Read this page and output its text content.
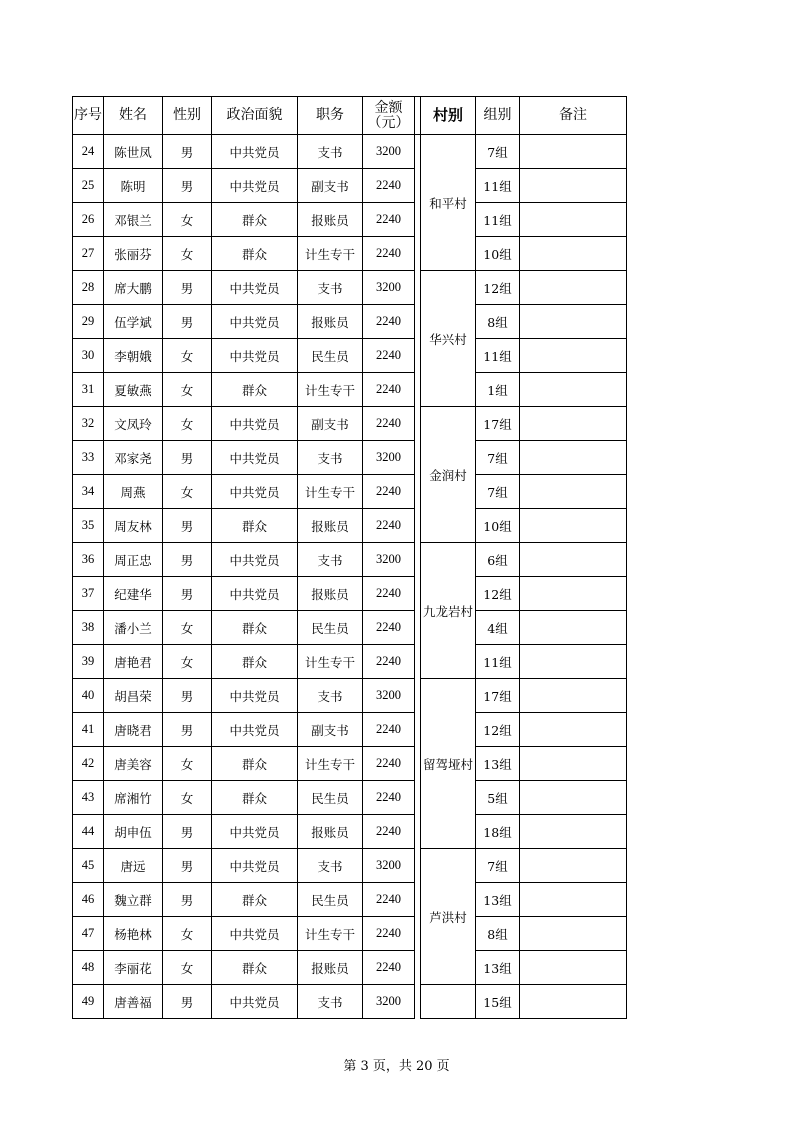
序号	姓名	性别	政治面貌	职务	金额（元）		村别	组别	备注
24	陈世凤	男	中共党员	支书	3200		和平村	7组	
25	陈明	男	中共党员	副支书	2240			11组	
26	邓银兰	女	群众	报账员	2240			11组	
27	张丽芬	女	群众	计生专干	2240			10组	
28	席大鹏	男	中共党员	支书	3200		华兴村	12组	
29	伍学斌	男	中共党员	报账员	2240			8组	
30	李朝娥	女	中共党员	民生员	2240			11组	
31	夏敏燕	女	群众	计生专干	2240			1组	
32	文凤玲	女	中共党员	副支书	2240		金润村	17组	
33	邓家尧	男	中共党员	支书	3200			7组	
34	周燕	女	中共党员	计生专干	2240			7组	
35	周友林	男	群众	报账员	2240			10组	
36	周正忠	男	中共党员	支书	3200		九龙岩村	6组	
37	纪建华	男	中共党员	报账员	2240			12组	
38	潘小兰	女	群众	民生员	2240			4组	
39	唐艳君	女	群众	计生专干	2240			11组	
40	胡昌荣	男	中共党员	支书	3200		留驾垭村	17组	
41	唐晓君	男	中共党员	副支书	2240			12组	
42	唐美容	女	群众	计生专干	2240			13组	
43	席湘竹	女	群众	民生员	2240			5组	
44	胡申伍	男	中共党员	报账员	2240			18组	
45	唐远	男	中共党员	支书	3200		芦洪村	7组	
46	魏立群	男	群众	民生员	2240			13组	
47	杨艳林	女	中共党员	计生专干	2240			8组	
48	李丽花	女	群众	报账员	2240			13组	
49	唐善福	男	中共党员	支书	3200			15组	
第 3 页，共 20 页
